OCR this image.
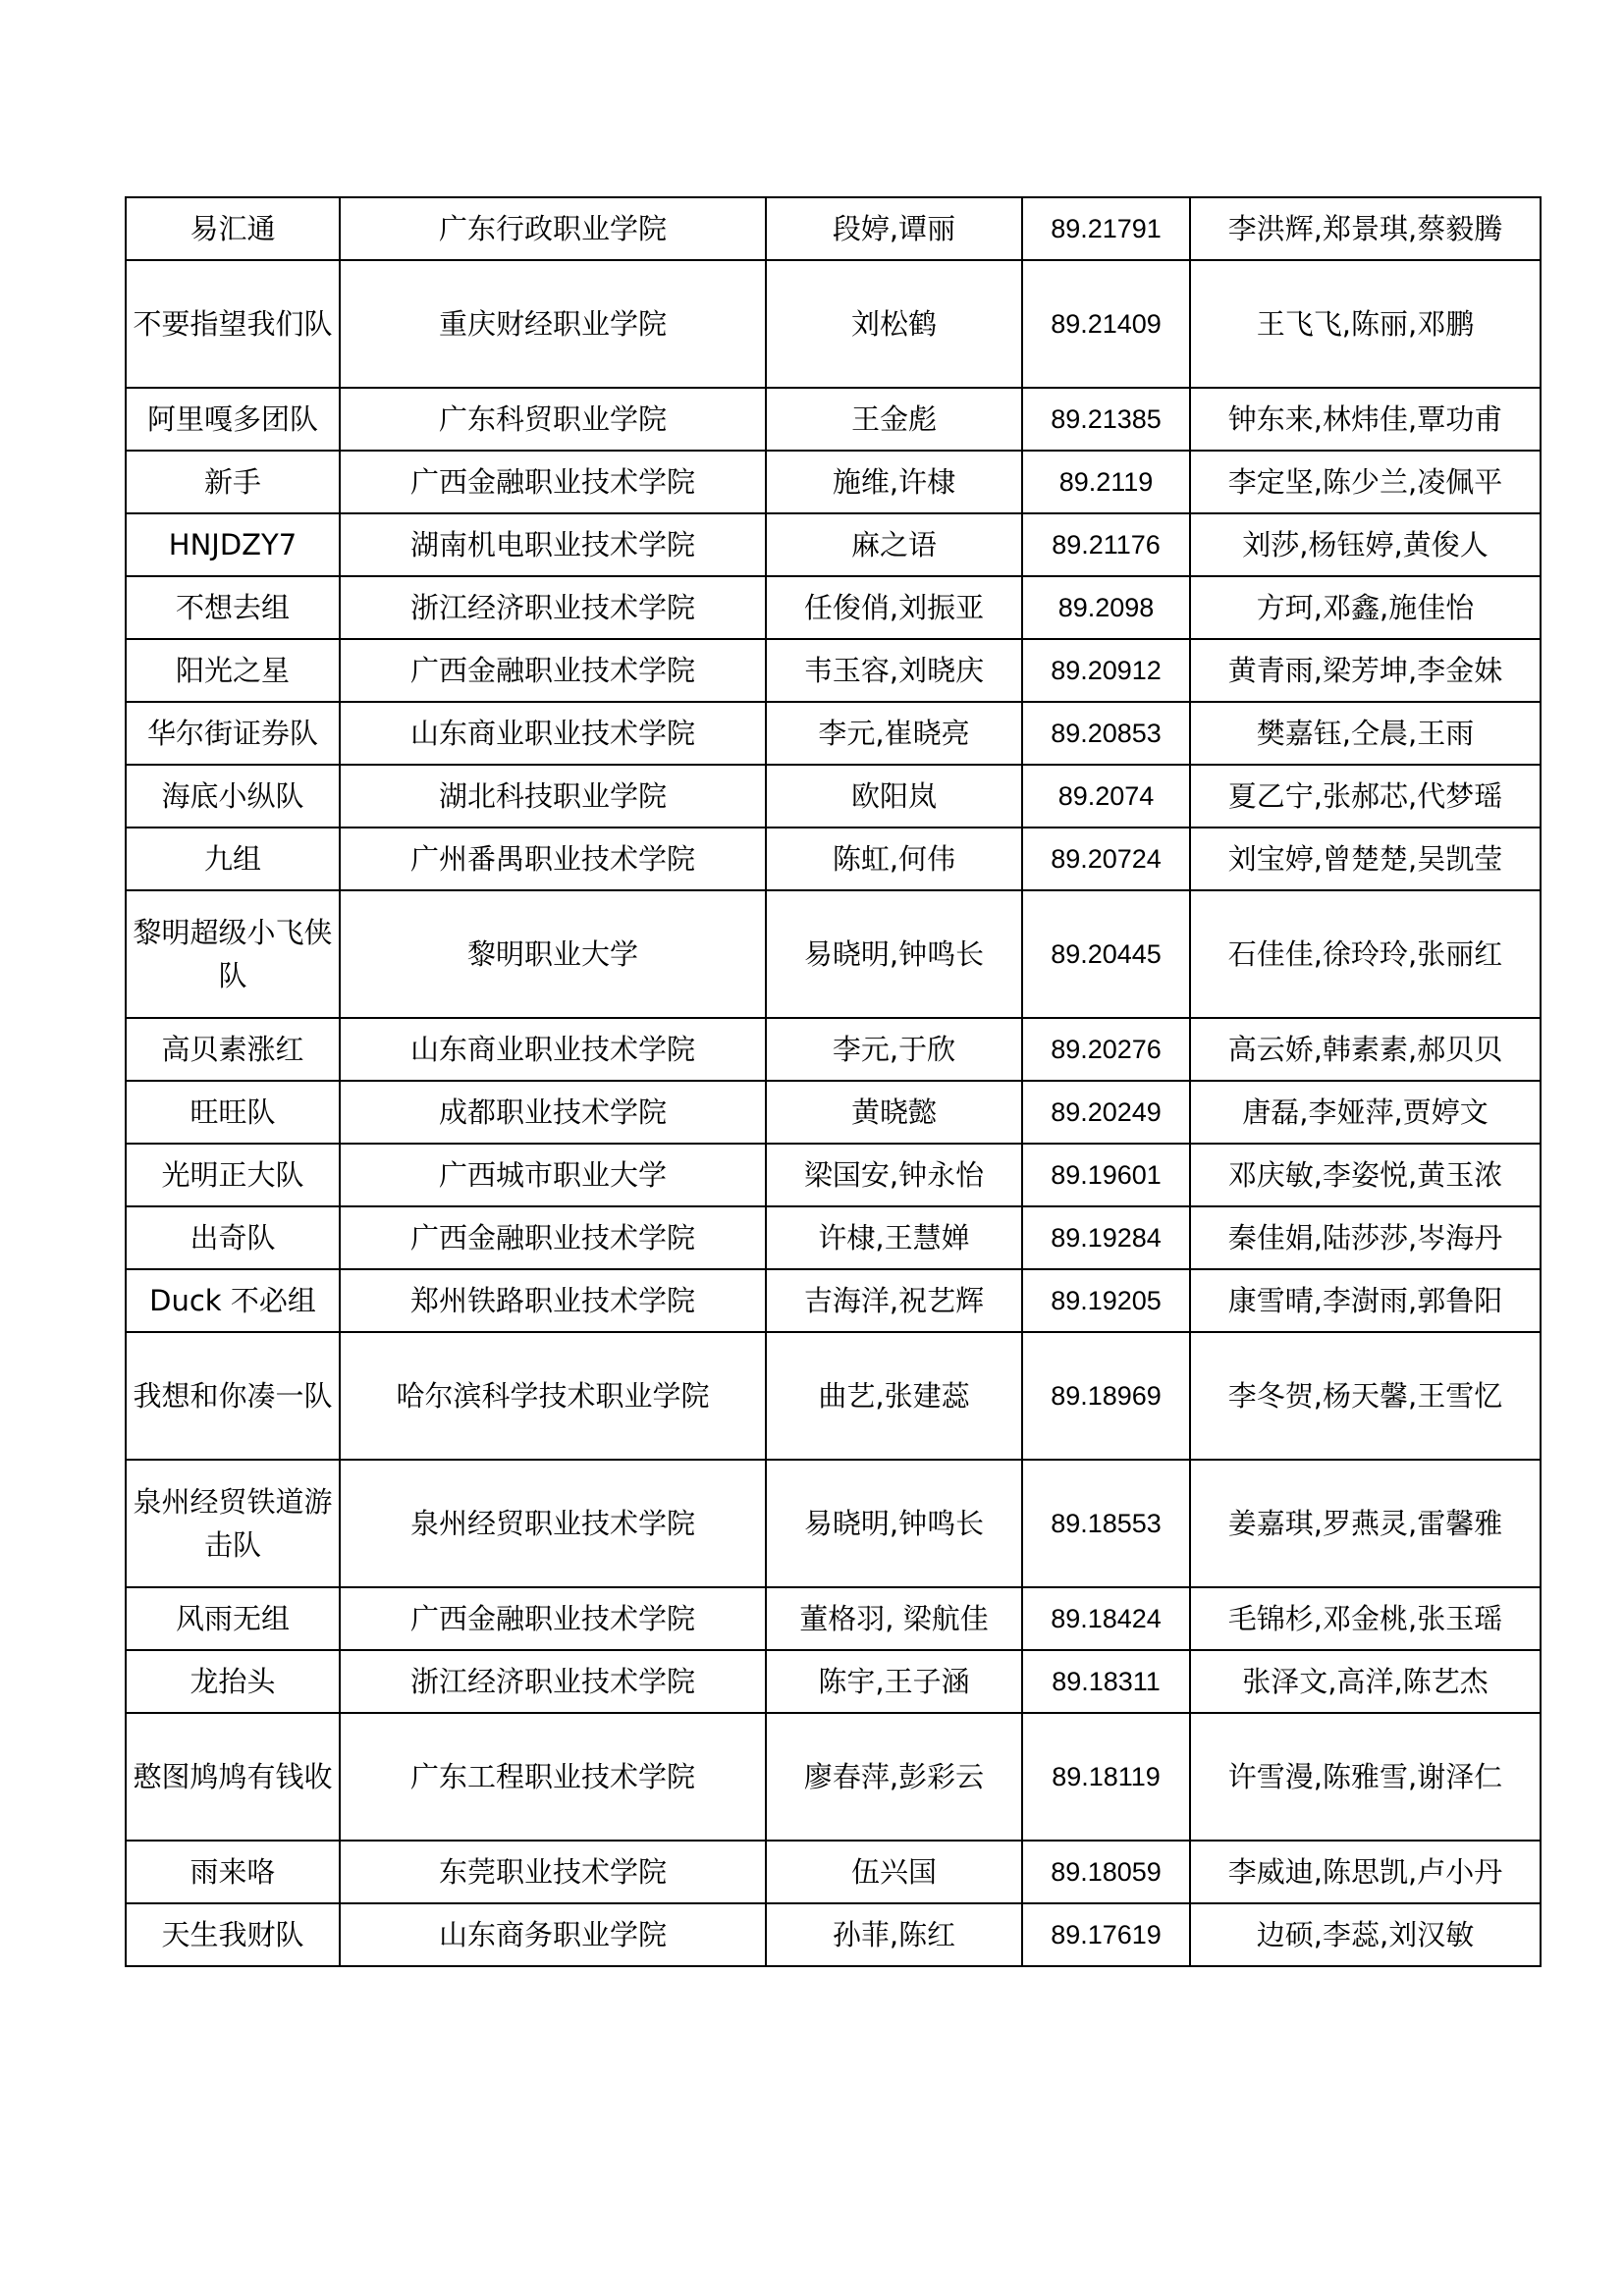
易汇通	广东行政职业学院	段婷,谭丽	89.21791	李洪辉,郑景琪,蔡毅腾
不要指望我们队	重庆财经职业学院	刘松鹤	89.21409	王飞飞,陈丽,邓鹏
阿里嘎多团队	广东科贸职业学院	王金彪	89.21385	钟东来,林炜佳,覃功甫
新手	广西金融职业技术学院	施维,许棣	89.2119	李定坚,陈少兰,凌佩平
HNJDZY7	湖南机电职业技术学院	麻之语	89.21176	刘莎,杨钰婷,黄俊人
不想去组	浙江经济职业技术学院	任俊俏,刘振亚	89.2098	方珂,邓鑫,施佳怡
阳光之星	广西金融职业技术学院	韦玉容,刘晓庆	89.20912	黄青雨,梁芳坤,李金妹
华尔街证券队	山东商业职业技术学院	李元,崔晓亮	89.20853	樊嘉钰,仝晨,王雨
海底小纵队	湖北科技职业学院	欧阳岚	89.2074	夏乙宁,张郝芯,代梦瑶
九组	广州番禺职业技术学院	陈虹,何伟	89.20724	刘宝婷,曾楚楚,吴凯莹
黎明超级小飞侠队	黎明职业大学	易晓明,钟鸣长	89.20445	石佳佳,徐玲玲,张丽红
高贝素涨红	山东商业职业技术学院	李元,于欣	89.20276	高云娇,韩素素,郝贝贝
旺旺队	成都职业技术学院	黄晓懿	89.20249	唐磊,李娅萍,贾婷文
光明正大队	广西城市职业大学	梁国安,钟永怡	89.19601	邓庆敏,李姿悦,黄玉浓
出奇队	广西金融职业技术学院	许棣,王慧婵	89.19284	秦佳娟,陆莎莎,岑海丹
Duck 不必组	郑州铁路职业技术学院	吉海洋,祝艺辉	89.19205	康雪晴,李澍雨,郭鲁阳
我想和你凑一队	哈尔滨科学技术职业学院	曲艺,张建蕊	89.18969	李冬贺,杨天馨,王雪忆
泉州经贸铁道游击队	泉州经贸职业技术学院	易晓明,钟鸣长	89.18553	姜嘉琪,罗燕灵,雷馨雅
风雨无组	广西金融职业技术学院	董格羽, 梁航佳	89.18424	毛锦杉,邓金桃,张玉瑶
龙抬头	浙江经济职业技术学院	陈宇,王子涵	89.18311	张泽文,高洋,陈艺杰
憨图鸠鸠有钱收	广东工程职业技术学院	廖春萍,彭彩云	89.18119	许雪漫,陈雅雪,谢泽仁
雨来咯	东莞职业技术学院	伍兴国	89.18059	李威迪,陈思凯,卢小丹
天生我财队	山东商务职业学院	孙菲,陈红	89.17619	边硕,李蕊,刘汉敏
